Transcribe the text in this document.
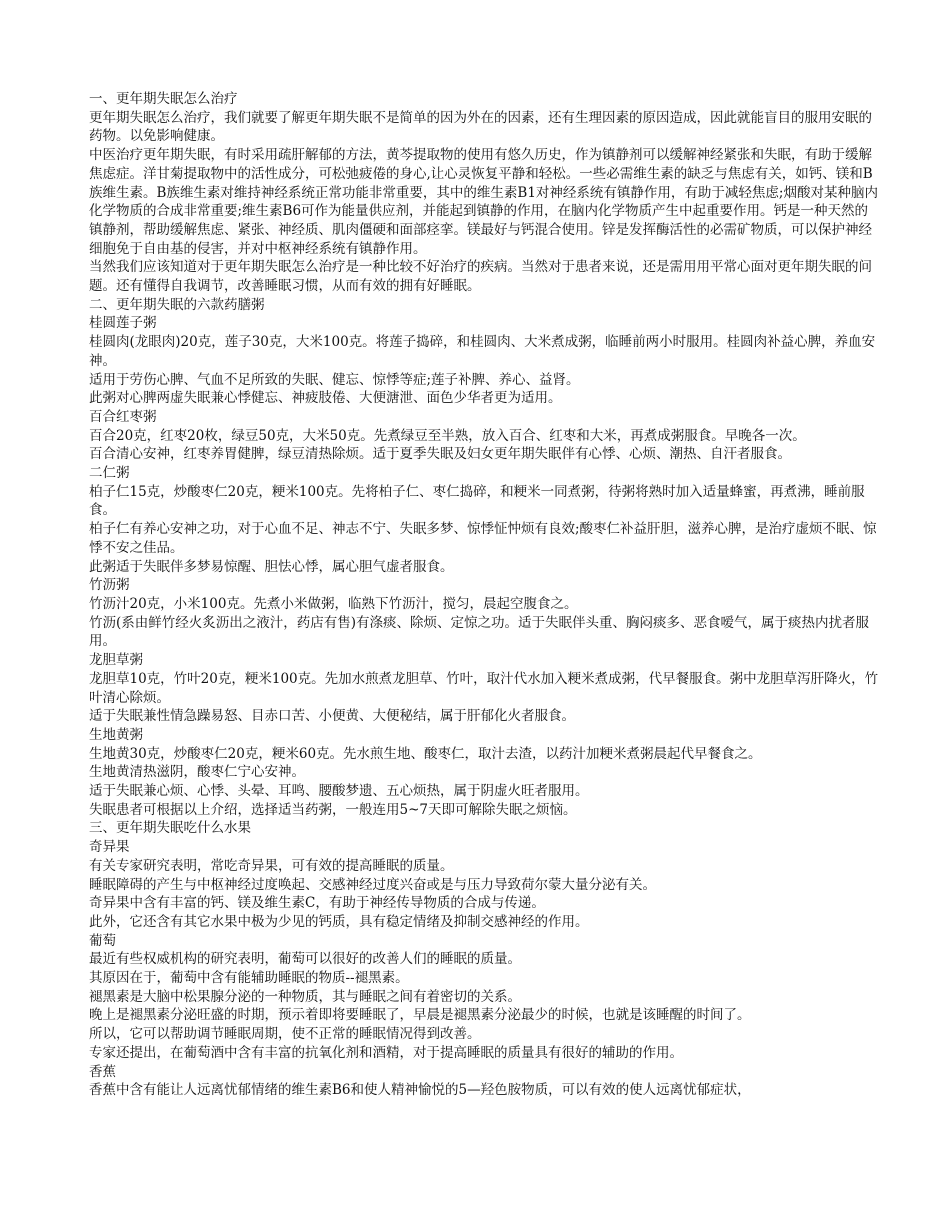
一、更年期失眠怎么治疗

更年期失眠怎么治疗，我们就要了解更年期失眠不是简单的因为外在的因素，还有生理因素的原因造成，因此就能盲目的服用安眠的药物。以免影响健康。

中医治疗更年期失眠，有时采用疏肝解郁的方法，黄芩提取物的使用有悠久历史，作为镇静剂可以缓解神经紧张和失眠，有助于缓解焦虑症。洋甘菊提取物中的活性成分，可松弛疲倦的身心,让心灵恢复平静和轻松。一些必需维生素的缺乏与焦虑有关，如钙、镁和B族维生素。B族维生素对维持神经系统正常功能非常重要，其中的维生素B1对神经系统有镇静作用，有助于减轻焦虑;烟酸对某种脑内化学物质的合成非常重要;维生素B6可作为能量供应剂，并能起到镇静的作用，在脑内化学物质产生中起重要作用。钙是一种天然的镇静剂，帮助缓解焦虑、紧张、神经质、肌肉僵硬和面部痉挛。镁最好与钙混合使用。锌是发挥酶活性的必需矿物质，可以保护神经细胞免于自由基的侵害，并对中枢神经系统有镇静作用。

当然我们应该知道对于更年期失眠怎么治疗是一种比较不好治疗的疾病。当然对于患者来说，还是需用用平常心面对更年期失眠的问题。还有懂得自我调节，改善睡眠习惯，从而有效的拥有好睡眠。

二、更年期失眠的六款药膳粥

桂圆莲子粥

桂圆肉(龙眼肉)20克，莲子30克，大米100克。将莲子捣碎，和桂圆肉、大米煮成粥，临睡前两小时服用。桂圆肉补益心脾，养血安神。

适用于劳伤心脾、气血不足所致的失眠、健忘、惊悸等症;莲子补脾、养心、益肾。

此粥对心脾两虚失眠兼心悸健忘、神疲肢倦、大便溏泄、面色少华者更为适用。

百合红枣粥

百合20克，红枣20枚，绿豆50克，大米50克。先煮绿豆至半熟，放入百合、红枣和大米，再煮成粥服食。早晚各一次。

百合清心安神，红枣养胃健脾，绿豆清热除烦。适于夏季失眠及妇女更年期失眠伴有心悸、心烦、潮热、自汗者服食。

二仁粥

柏子仁15克，炒酸枣仁20克，粳米100克。先将柏子仁、枣仁捣碎，和粳米一同煮粥，待粥将熟时加入适量蜂蜜，再煮沸，睡前服食。

柏子仁有养心安神之功，对于心血不足、神志不宁、失眠多梦、惊悸怔忡烦有良效;酸枣仁补益肝胆，滋养心脾，是治疗虚烦不眠、惊悸不安之佳品。

此粥适于失眠伴多梦易惊醒、胆怯心悸，属心胆气虚者服食。

竹沥粥

竹沥汁20克，小米100克。先煮小米做粥，临熟下竹沥汁，搅匀，晨起空腹食之。

竹沥(系由鲜竹经火炙沥出之液汁，药店有售)有涤痰、除烦、定惊之功。适于失眠伴头重、胸闷痰多、恶食嗳气，属于痰热内扰者服用。

龙胆草粥

龙胆草10克，竹叶20克，粳米100克。先加水煎煮龙胆草、竹叶，取汁代水加入粳米煮成粥，代早餐服食。粥中龙胆草泻肝降火，竹叶清心除烦。

适于失眠兼性情急躁易怒、目赤口苦、小便黄、大便秘结，属于肝郁化火者服食。

生地黄粥

生地黄30克，炒酸枣仁20克，粳米60克。先水煎生地、酸枣仁，取汁去渣，以药汁加粳米煮粥晨起代早餐食之。

生地黄清热滋阴，酸枣仁宁心安神。

适于失眠兼心烦、心悸、头晕、耳鸣、腰酸梦遗、五心烦热，属于阴虚火旺者服用。

失眠患者可根据以上介绍，选择适当药粥，一般连用5~7天即可解除失眠之烦恼。

三、更年期失眠吃什么水果

奇异果

有关专家研究表明，常吃奇异果，可有效的提高睡眠的质量。

睡眠障碍的产生与中枢神经过度唤起、交感神经过度兴奋或是与压力导致荷尔蒙大量分泌有关。

奇异果中含有丰富的钙、镁及维生素C，有助于神经传导物质的合成与传递。

此外，它还含有其它水果中极为少见的钙质，具有稳定情绪及抑制交感神经的作用。

葡萄

最近有些权威机构的研究表明，葡萄可以很好的改善人们的睡眠的质量。

其原因在于，葡萄中含有能辅助睡眠的物质--褪黑素。

褪黑素是大脑中松果腺分泌的一种物质，其与睡眠之间有着密切的关系。

晚上是褪黑素分泌旺盛的时期，预示着即将要睡眠了，早晨是褪黑素分泌最少的时候，也就是该睡醒的时间了。

所以，它可以帮助调节睡眠周期，使不正常的睡眠情况得到改善。

专家还提出，在葡萄酒中含有丰富的抗氧化剂和酒精，对于提高睡眠的质量具有很好的辅助的作用。

香蕉

香蕉中含有能让人远离忧郁情绪的维生素B6和使人精神愉悦的5—羟色胺物质，可以有效的使人远离忧郁症状，
